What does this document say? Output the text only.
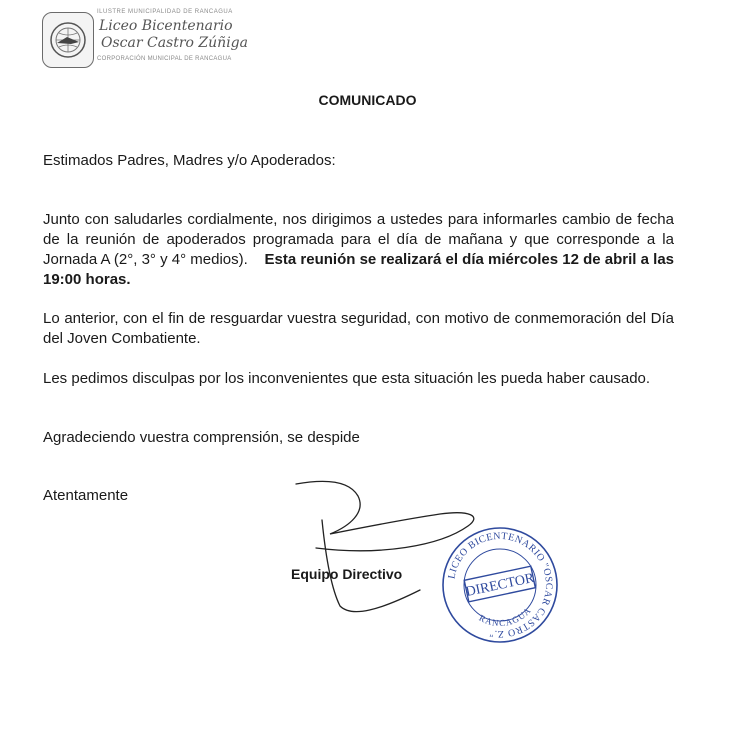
ILUSTRE MUNICIPALIDAD DE RANCAGUA
Liceo Bicentenario
Oscar Castro Zúñiga
CORPORACIÓN MUNICIPAL DE RANCAGUA
COMUNICADO

Estimados Padres, Madres y/o Apoderados:

Junto con saludarles cordialmente, nos dirigimos a ustedes para informarles cambio de fecha de la reunión de apoderados programada para el día de mañana y que corresponde a la Jornada A (2°, 3° y 4° medios). Esta reunión se realizará el día miércoles 12 de abril a las 19:00 horas.

Lo anterior, con el fin de resguardar vuestra seguridad, con motivo de conmemoración del Día del Joven Combatiente.

Les pedimos disculpas por los inconvenientes que esta situación les pueda haber causado.

Agradeciendo vuestra comprensión, se despide

Atentamente

Equipo Directivo	LICEO BICENTENARIO "OSCAR CASTRO Z."
DIRECTOR
RANCAGUA
